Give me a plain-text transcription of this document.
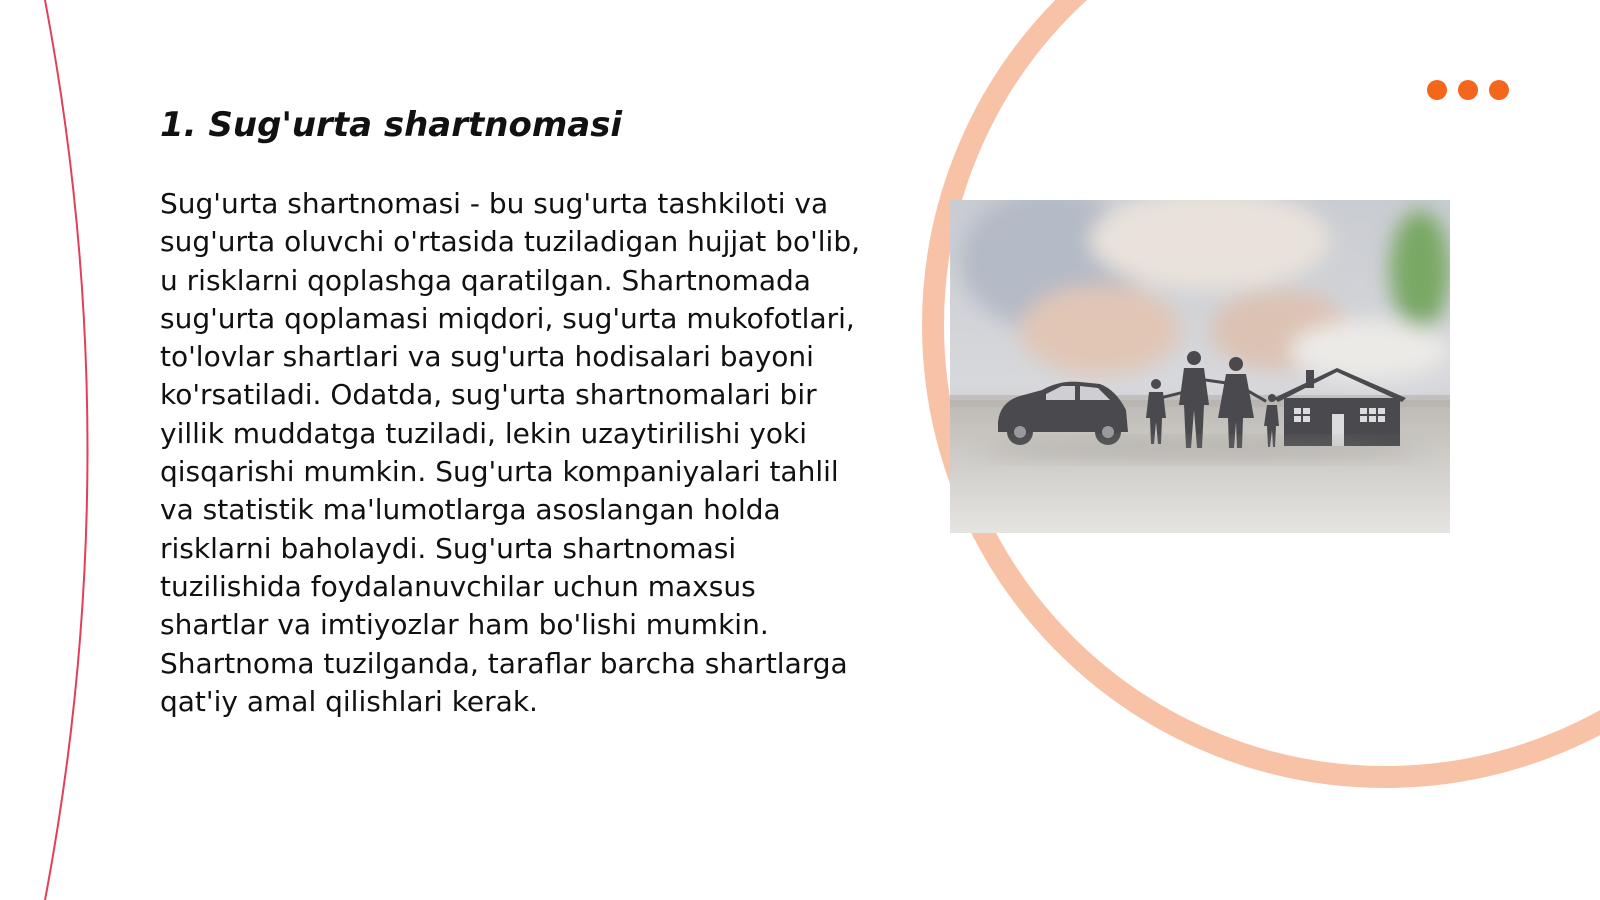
1. Sug'urta shartnomasi

Sug'urta shartnomasi - bu sug'urta tashkiloti va sug'urta oluvchi o'rtasida tuziladigan hujjat bo'lib, u risklarni qoplashga qaratilgan. Shartnomada sug'urta qoplamasi miqdori, sug'urta mukofotlari, to'lovlar shartlari va sug'urta hodisalari bayoni ko'rsatiladi. Odatda, sug'urta shartnomalari bir yillik muddatga tuziladi, lekin uzaytirilishi yoki qisqarishi mumkin. Sug'urta kompaniyalari tahlil va statistik ma'lumotlarga asoslangan holda risklarni baholaydi. Sug'urta shartnomasi tuzilishida foydalanuvchilar uchun maxsus shartlar va imtiyozlar ham bo'lishi mumkin. Shartnoma tuzilganda, taraflar barcha shartlarga qat'iy amal qilishlari kerak.
